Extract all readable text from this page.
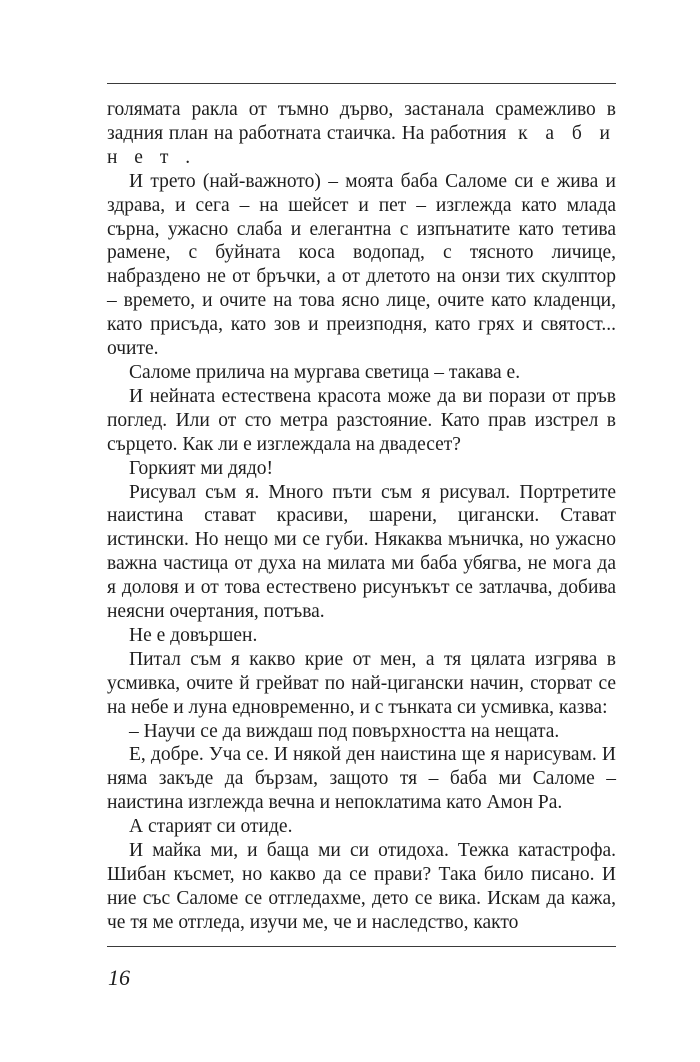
голямата ракла от тъмно дърво, застанала срамежливо в задния план на работната стаичка. На работния к а б и н е т .

И трето (най-важното) – моята баба Саломе си е жива и здрава, и сега – на шейсет и пет – изглежда като млада сърна, ужасно слаба и елегантна с изпънатите като тетива рамене, с буйната коса водопад, с тясното личице, набраздено не от бръчки, а от длетото на онзи тих скулптор – времето, и очите на това ясно лице, очите като кладенци, като присъда, като зов и преизподня, като грях и святост... очите.

Саломе прилича на мургава светица – такава е.

И нейната естествена красота може да ви порази от пръв поглед. Или от сто метра разстояние. Като прав изстрел в сърцето. Как ли е изглеждала на двадесет?

Горкият ми дядо!

Рисувал съм я. Много пъти съм я рисувал. Портретите наистина стават красиви, шарени, цигански. Стават истински. Но нещо ми се губи. Някаква мъничка, но ужасно важна частица от духа на милата ми баба убягва, не мога да я доловя и от това естествено рисунъкът се затлачва, добива неясни очертания, потъва.

Не е довършен.

Питал съм я какво крие от мен, а тя цялата изгрява в усмивка, очите й грейват по най-цигански начин, сторват се на небе и луна едновременно, и с тънката си усмивка, казва:

– Научи се да виждаш под повърхността на нещата.

Е, добре. Уча се. И някой ден наистина ще я нарисувам. И няма закъде да бързам, защото тя – баба ми Саломе – наистина изглежда вечна и непоклатима като Амон Ра.

А старият си отиде.

И майка ми, и баща ми си отидоха. Тежка катастрофа. Шибан късмет, но какво да се прави? Така било писано. И ние със Саломе се отгледахме, дето се вика. Искам да кажа, че тя ме отгледа, изучи ме, че и наследство, както

16
